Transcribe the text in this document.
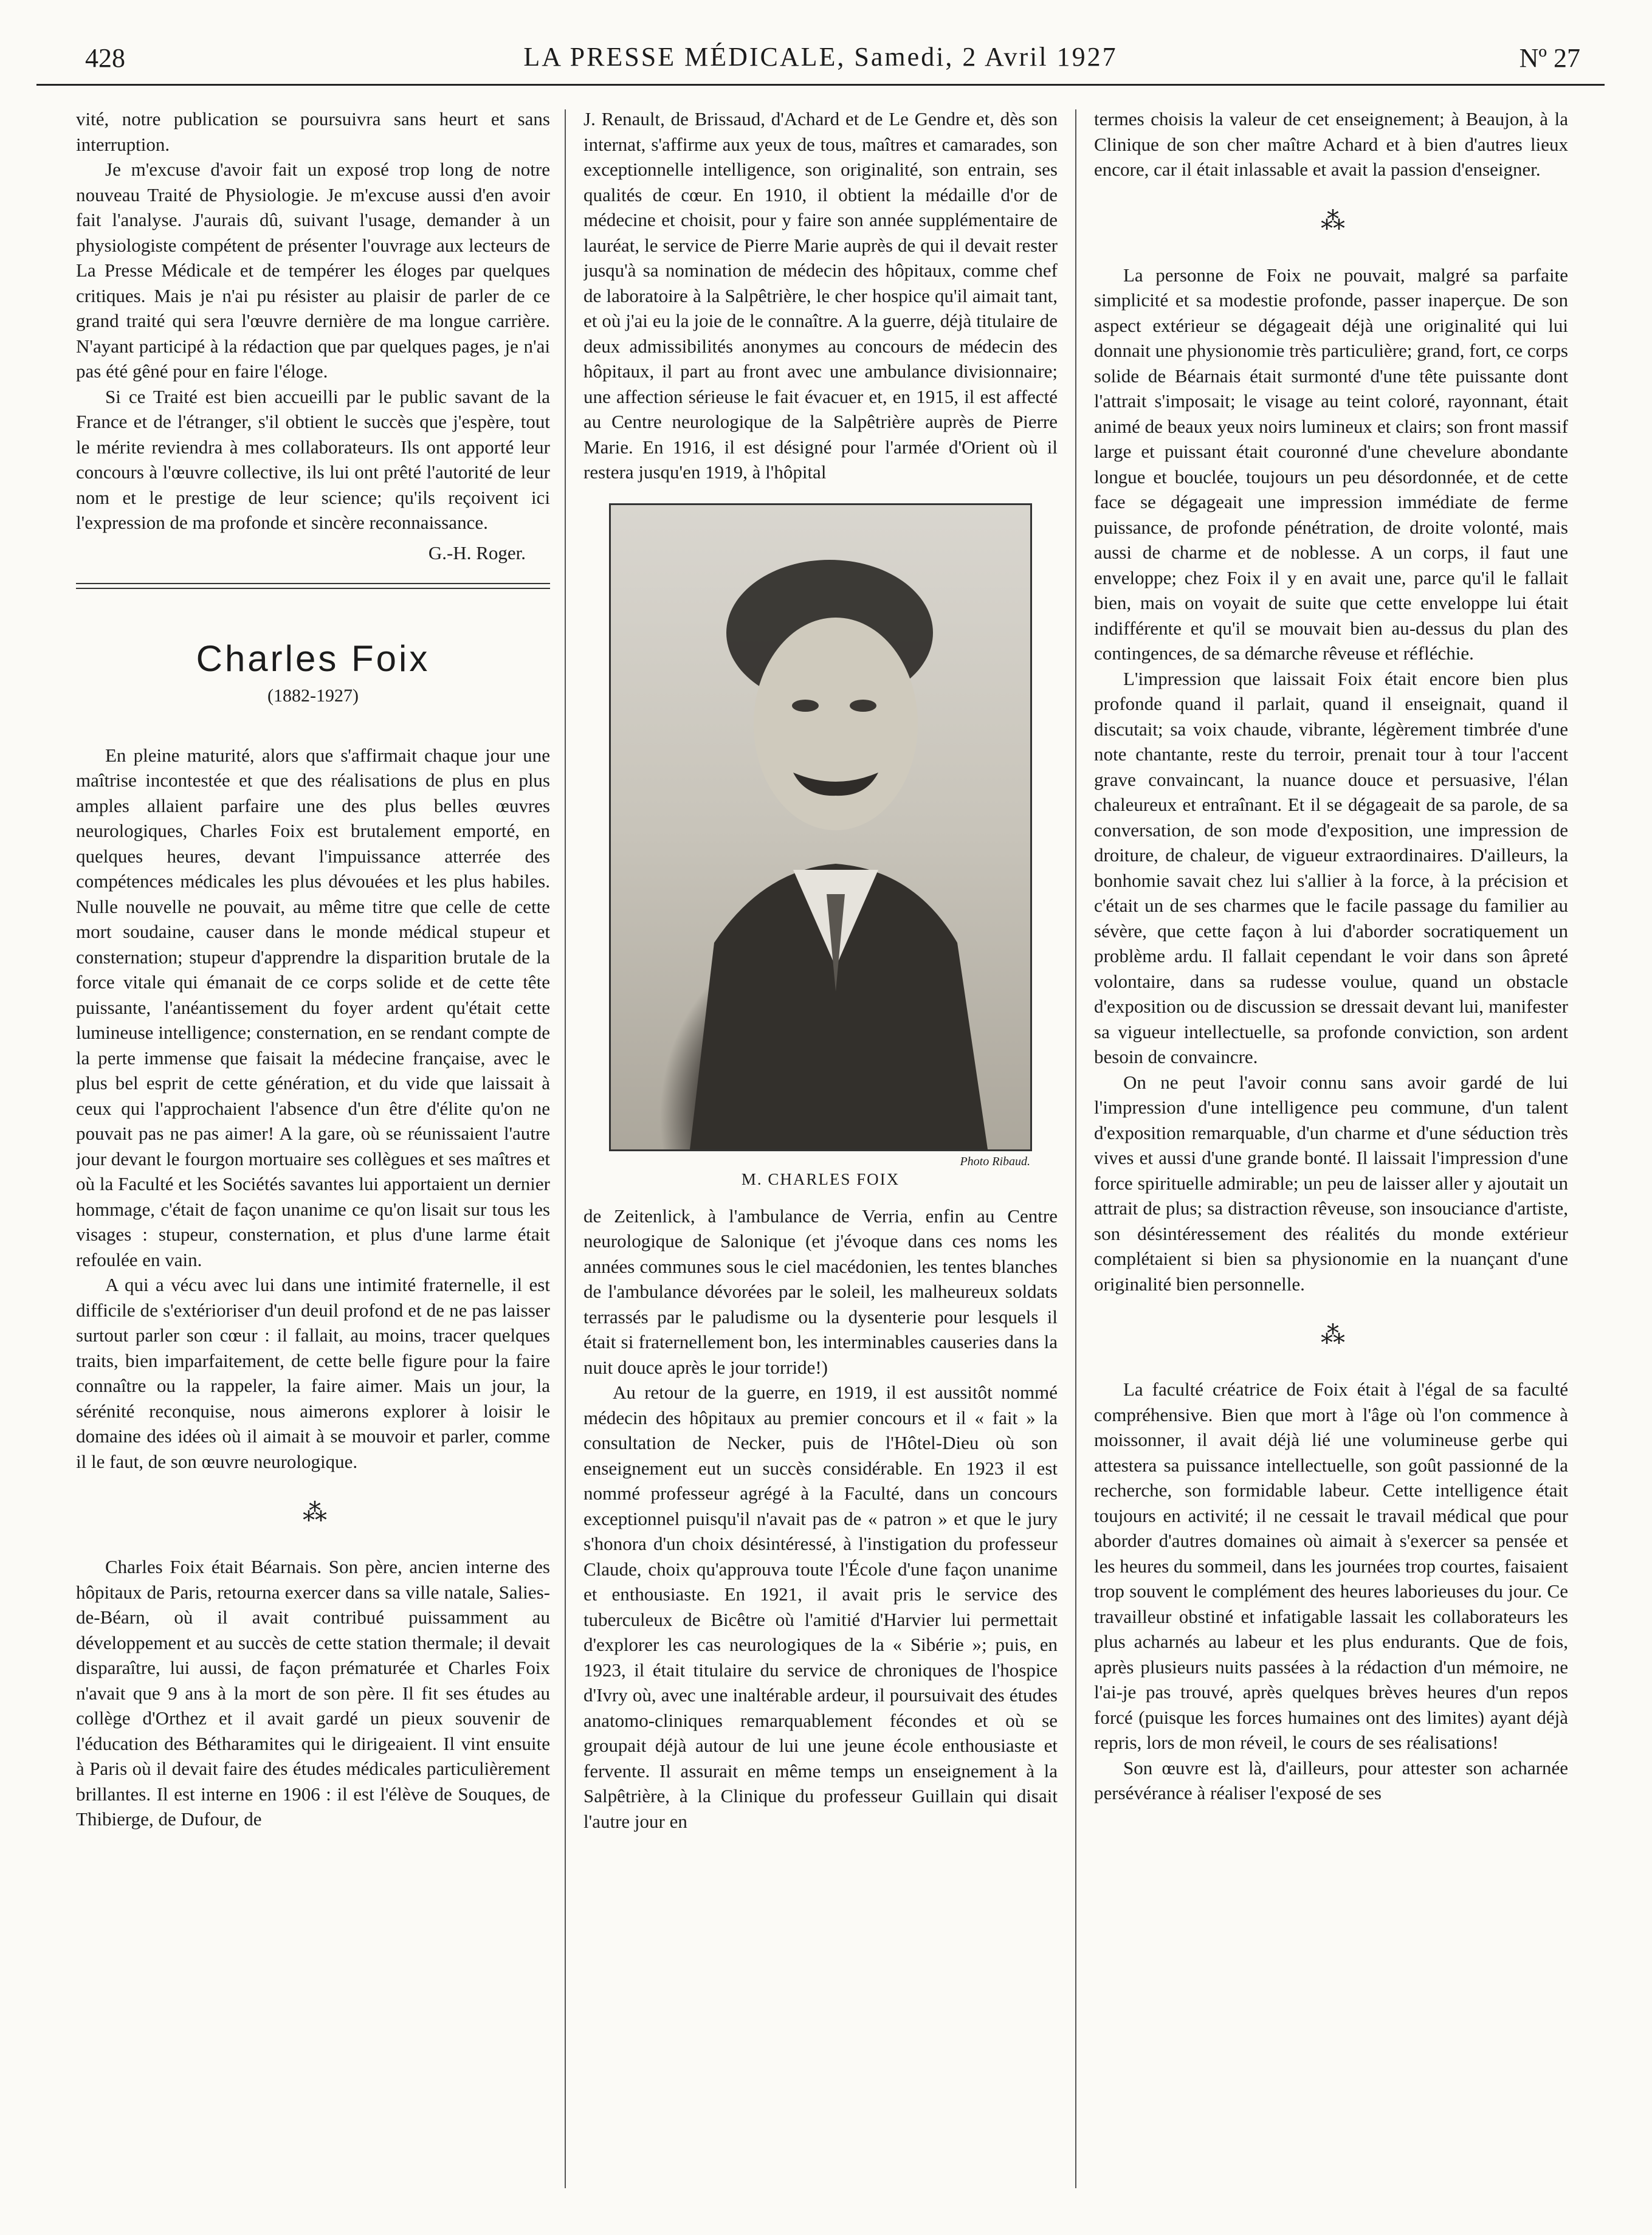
428	LA PRESSE MÉDICALE, Samedi, 2 Avril 1927	Nº 27

vité, notre publication se poursuivra sans heurt et sans interruption.

Je m'excuse d'avoir fait un exposé trop long de notre nouveau Traité de Physiologie. Je m'excuse aussi d'en avoir fait l'analyse. J'aurais dû, suivant l'usage, demander à un physiologiste compétent de présenter l'ouvrage aux lecteurs de La Presse Médicale et de tempérer les éloges par quelques critiques. Mais je n'ai pu résister au plaisir de parler de ce grand traité qui sera l'œuvre dernière de ma longue carrière. N'ayant participé à la rédaction que par quelques pages, je n'ai pas été gêné pour en faire l'éloge.

Si ce Traité est bien accueilli par le public savant de la France et de l'étranger, s'il obtient le succès que j'espère, tout le mérite reviendra à mes collaborateurs. Ils ont apporté leur concours à l'œuvre collective, ils lui ont prêté l'autorité de leur nom et le prestige de leur science; qu'ils reçoivent ici l'expression de ma profonde et sincère reconnaissance.

G.-H. Roger.
Charles Foix
(1882-1927)

En pleine maturité, alors que s'affirmait chaque jour une maîtrise incontestée et que des réalisations de plus en plus amples allaient parfaire une des plus belles œuvres neurologiques, Charles Foix est brutalement emporté, en quelques heures, devant l'impuissance atterrée des compétences médicales les plus dévouées et les plus habiles. Nulle nouvelle ne pouvait, au même titre que celle de cette mort soudaine, causer dans le monde médical stupeur et consternation; stupeur d'apprendre la disparition brutale de la force vitale qui émanait de ce corps solide et de cette tête puissante, l'anéantissement du foyer ardent qu'était cette lumineuse intelligence; consternation, en se rendant compte de la perte immense que faisait la médecine française, avec le plus bel esprit de cette génération, et du vide que laissait à ceux qui l'approchaient l'absence d'un être d'élite qu'on ne pouvait pas ne pas aimer! A la gare, où se réunissaient l'autre jour devant le fourgon mortuaire ses collègues et ses maîtres et où la Faculté et les Sociétés savantes lui apportaient un dernier hommage, c'était de façon unanime ce qu'on lisait sur tous les visages : stupeur, consternation, et plus d'une larme était refoulée en vain.

A qui a vécu avec lui dans une intimité fraternelle, il est difficile de s'extérioriser d'un deuil profond et de ne pas laisser surtout parler son cœur : il fallait, au moins, tracer quelques traits, bien imparfaitement, de cette belle figure pour la faire connaître ou la rappeler, la faire aimer. Mais un jour, la sérénité reconquise, nous aimerons explorer à loisir le domaine des idées où il aimait à se mouvoir et parler, comme il le faut, de son œuvre neurologique.

⁂

Charles Foix était Béarnais. Son père, ancien interne des hôpitaux de Paris, retourna exercer dans sa ville natale, Salies-de-Béarn, où il avait contribué puissamment au développement et au succès de cette station thermale; il devait disparaître, lui aussi, de façon prématurée et Charles Foix n'avait que 9 ans à la mort de son père. Il fit ses études au collège d'Orthez et il avait gardé un pieux souvenir de l'éducation des Bétharamites qui le dirigeaient. Il vint ensuite à Paris où il devait faire des études médicales particulièrement brillantes. Il est interne en 1906 : il est l'élève de Souques, de Thibierge, de Dufour, de

J. Renault, de Brissaud, d'Achard et de Le Gendre et, dès son internat, s'affirme aux yeux de tous, maîtres et camarades, son exceptionnelle intelligence, son originalité, son entrain, ses qualités de cœur. En 1910, il obtient la médaille d'or de médecine et choisit, pour y faire son année supplémentaire de lauréat, le service de Pierre Marie auprès de qui il devait rester jusqu'à sa nomination de médecin des hôpitaux, comme chef de laboratoire à la Salpêtrière, le cher hospice qu'il aimait tant, et où j'ai eu la joie de le connaître. A la guerre, déjà titulaire de deux admissibilités anonymes au concours de médecin des hôpitaux, il part au front avec une ambulance divisionnaire; une affection sérieuse le fait évacuer et, en 1915, il est affecté au Centre neurologique de la Salpêtrière auprès de Pierre Marie. En 1916, il est désigné pour l'armée d'Orient où il restera jusqu'en 1919, à l'hôpital

Photo Ribaud.
M. CHARLES FOIX

de Zeitenlick, à l'ambulance de Verria, enfin au Centre neurologique de Salonique (et j'évoque dans ces noms les années communes sous le ciel macédonien, les tentes blanches de l'ambulance dévorées par le soleil, les malheureux soldats terrassés par le paludisme ou la dysenterie pour lesquels il était si fraternellement bon, les interminables causeries dans la nuit douce après le jour torride!)

Au retour de la guerre, en 1919, il est aussitôt nommé médecin des hôpitaux au premier concours et il « fait » la consultation de Necker, puis de l'Hôtel-Dieu où son enseignement eut un succès considérable. En 1923 il est nommé professeur agrégé à la Faculté, dans un concours exceptionnel puisqu'il n'avait pas de « patron » et que le jury s'honora d'un choix désintéressé, à l'instigation du professeur Claude, choix qu'approuva toute l'École d'une façon unanime et enthousiaste. En 1921, il avait pris le service des tuberculeux de Bicêtre où l'amitié d'Harvier lui permettait d'explorer les cas neurologiques de la « Sibérie »; puis, en 1923, il était titulaire du service de chroniques de l'hospice d'Ivry où, avec une inaltérable ardeur, il poursuivait des études anatomo-cliniques remarquablement fécondes et où se groupait déjà autour de lui une jeune école enthousiaste et fervente. Il assurait en même temps un enseignement à la Salpêtrière, à la Clinique du professeur Guillain qui disait l'autre jour en

termes choisis la valeur de cet enseignement; à Beaujon, à la Clinique de son cher maître Achard et à bien d'autres lieux encore, car il était inlassable et avait la passion d'enseigner.

⁂

La personne de Foix ne pouvait, malgré sa parfaite simplicité et sa modestie profonde, passer inaperçue. De son aspect extérieur se dégageait déjà une originalité qui lui donnait une physionomie très particulière; grand, fort, ce corps solide de Béarnais était surmonté d'une tête puissante dont l'attrait s'imposait; le visage au teint coloré, rayonnant, était animé de beaux yeux noirs lumineux et clairs; son front massif large et puissant était couronné d'une chevelure abondante longue et bouclée, toujours un peu désordonnée, et de cette face se dégageait une impression immédiate de ferme puissance, de profonde pénétration, de droite volonté, mais aussi de charme et de noblesse. A un corps, il faut une enveloppe; chez Foix il y en avait une, parce qu'il le fallait bien, mais on voyait de suite que cette enveloppe lui était indifférente et qu'il se mouvait bien au-dessus du plan des contingences, de sa démarche rêveuse et réfléchie.

L'impression que laissait Foix était encore bien plus profonde quand il parlait, quand il enseignait, quand il discutait; sa voix chaude, vibrante, légèrement timbrée d'une note chantante, reste du terroir, prenait tour à tour l'accent grave convaincant, la nuance douce et persuasive, l'élan chaleureux et entraînant. Et il se dégageait de sa parole, de sa conversation, de son mode d'exposition, une impression de droiture, de chaleur, de vigueur extraordinaires. D'ailleurs, la bonhomie savait chez lui s'allier à la force, à la précision et c'était un de ses charmes que le facile passage du familier au sévère, que cette façon à lui d'aborder socratiquement un problème ardu. Il fallait cependant le voir dans son âpreté volontaire, dans sa rudesse voulue, quand un obstacle d'exposition ou de discussion se dressait devant lui, manifester sa vigueur intellectuelle, sa profonde conviction, son ardent besoin de convaincre.

On ne peut l'avoir connu sans avoir gardé de lui l'impression d'une intelligence peu commune, d'un talent d'exposition remarquable, d'un charme et d'une séduction très vives et aussi d'une grande bonté. Il laissait l'impression d'une force spirituelle admirable; un peu de laisser aller y ajoutait un attrait de plus; sa distraction rêveuse, son insouciance d'artiste, son désintéressement des réalités du monde extérieur complétaient si bien sa physionomie en la nuançant d'une originalité bien personnelle.

⁂

La faculté créatrice de Foix était à l'égal de sa faculté compréhensive. Bien que mort à l'âge où l'on commence à moissonner, il avait déjà lié une volumineuse gerbe qui attestera sa puissance intellectuelle, son goût passionné de la recherche, son formidable labeur. Cette intelligence était toujours en activité; il ne cessait le travail médical que pour aborder d'autres domaines où aimait à s'exercer sa pensée et les heures du sommeil, dans les journées trop courtes, faisaient trop souvent le complément des heures laborieuses du jour. Ce travailleur obstiné et infatigable lassait les collaborateurs les plus acharnés au labeur et les plus endurants. Que de fois, après plusieurs nuits passées à la rédaction d'un mémoire, ne l'ai-je pas trouvé, après quelques brèves heures d'un repos forcé (puisque les forces humaines ont des limites) ayant déjà repris, lors de mon réveil, le cours de ses réalisations!

Son œuvre est là, d'ailleurs, pour attester son acharnée persévérance à réaliser l'exposé de ses
